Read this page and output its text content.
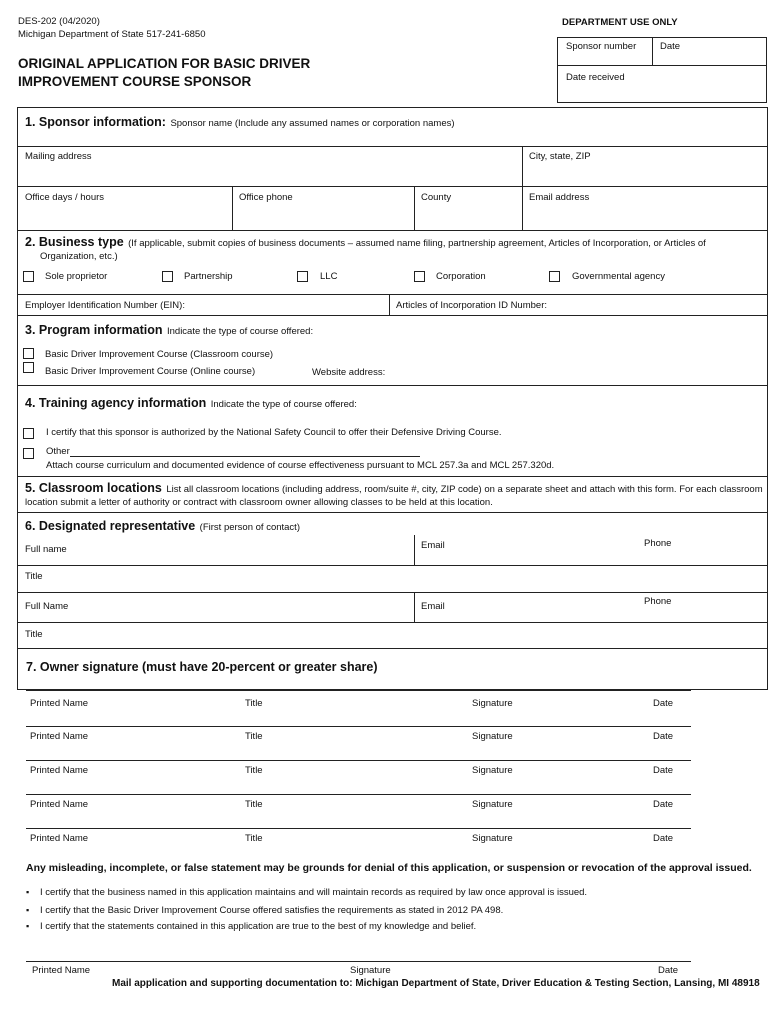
DES-202 (04/2020)
Michigan Department of State 517-241-6850
ORIGINAL APPLICATION FOR BASIC DRIVER
IMPROVEMENT COURSE SPONSOR
DEPARTMENT USE ONLY
Sponsor number	Date
Date received
1. Sponsor information: Sponsor name (Include any assumed names or corporation names)
Mailing address	City, state, ZIP
Office days / hours	Office phone	County	Email address
2. Business type (If applicable, submit copies of business documents – assumed name filing, partnership agreement, Articles of Incorporation, or Articles of
Organization, etc.)
Sole proprietor	Partnership	LLC	Corporation	Governmental agency
Employer Identification Number (EIN):	Articles of Incorporation ID Number:
3. Program information Indicate the type of course offered:
Basic Driver Improvement Course (Classroom course)
Basic Driver Improvement Course (Online course)	Website address:
4. Training agency information Indicate the type of course offered:
I certify that this sponsor is authorized by the National Safety Council to offer their Defensive Driving Course.
Other
Attach course curriculum and documented evidence of course effectiveness pursuant to MCL 257.3a and MCL 257.320d.
5. Classroom locations List all classroom locations (including address, room/suite #, city, ZIP code) on a separate sheet and attach with this form. For each classroom
location submit a letter of authority or contract with classroom owner allowing classes to be held at this location.
6. Designated representative (First person of contact)
Full name	Email	Phone
Title
Full Name	Email	Phone
Title
7. Owner signature (must have 20-percent or greater share)
Printed Name	Title	Signature	Date
Printed Name	Title	Signature	Date
Printed Name	Title	Signature	Date
Printed Name	Title	Signature	Date
Printed Name	Title	Signature	Date
Any misleading, incomplete, or false statement may be grounds for denial of this application, or suspension or revocation of the approval issued.
▪ I certify that the business named in this application maintains and will maintain records as required by law once approval is issued.
▪ I certify that the Basic Driver Improvement Course offered satisfies the requirements as stated in 2012 PA 498.
▪ I certify that the statements contained in this application are true to the best of my knowledge and belief.
Printed Name	Signature	Date
Mail application and supporting documentation to: Michigan Department of State, Driver Education & Testing Section, Lansing, MI 48918
